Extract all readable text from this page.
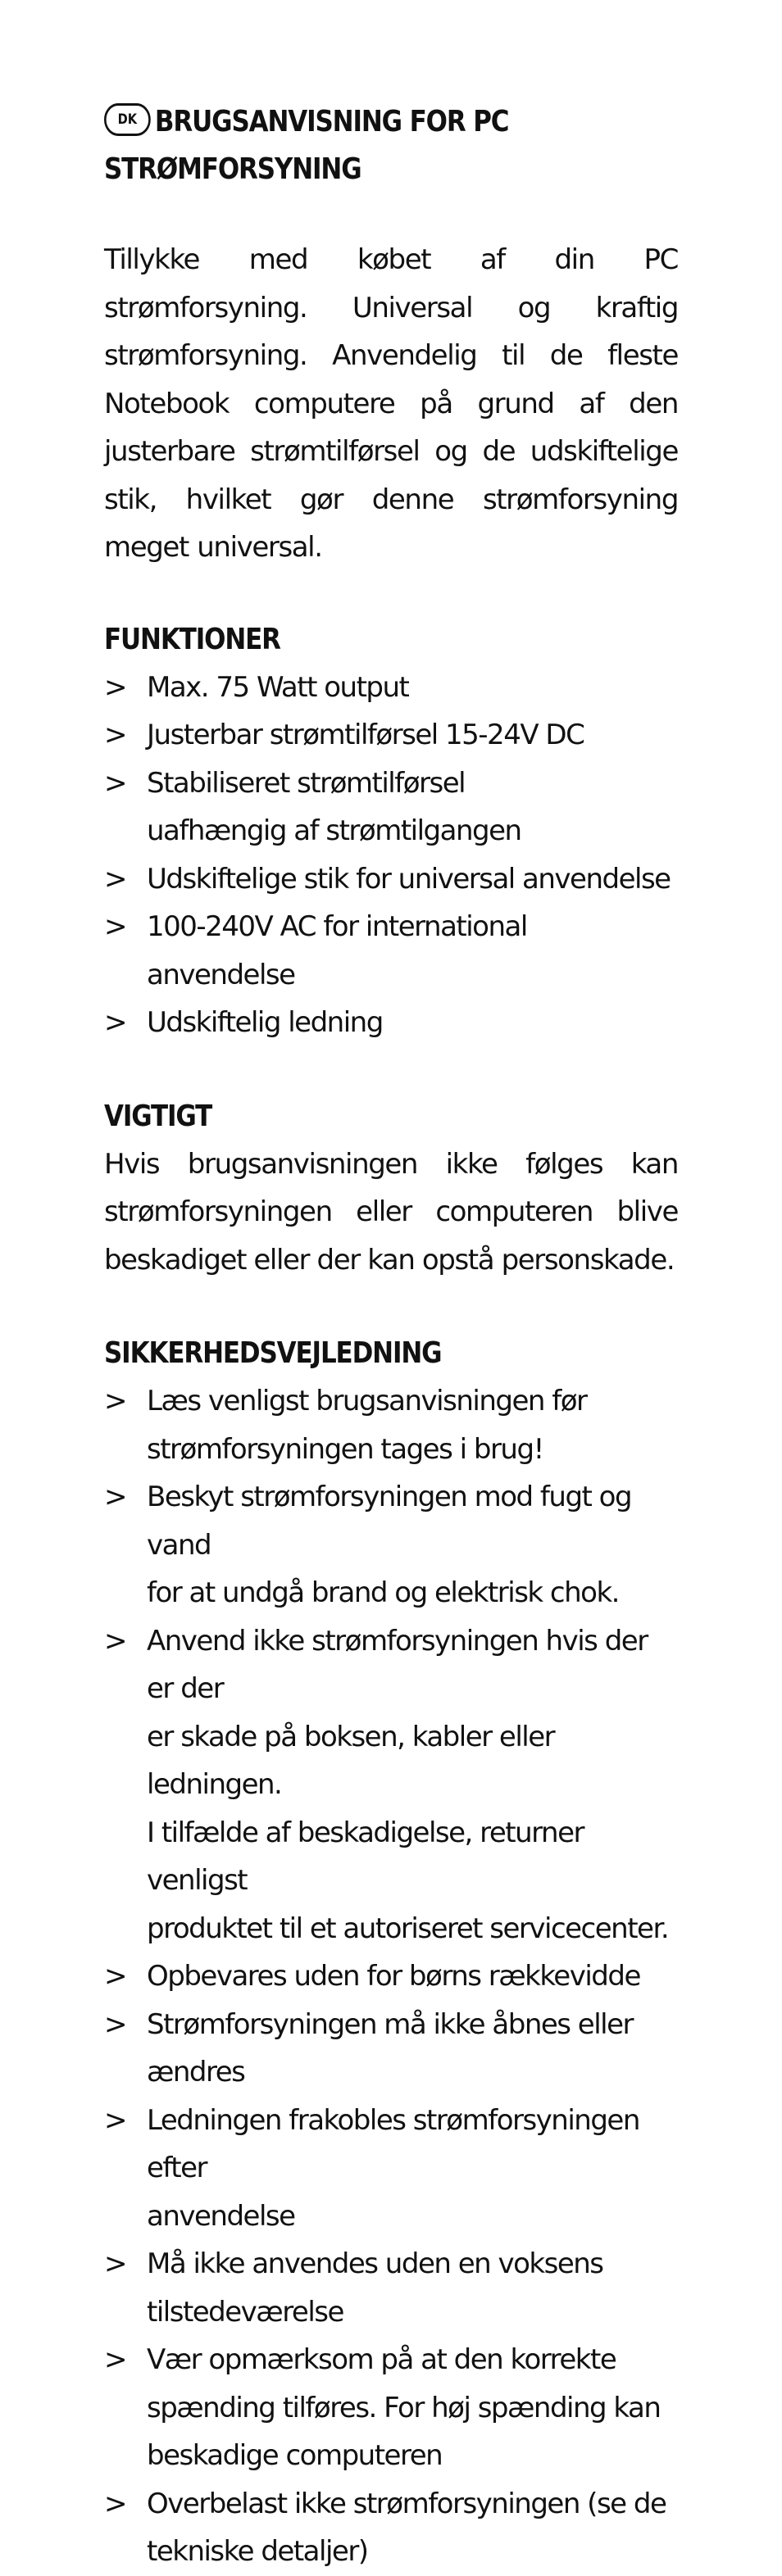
DK BRUGSANVISNING FOR PC
STRØMFORSYNING

Tillykke med købet af din PC strømforsyning. Universal og kraftig strømforsyning. Anvendelig til de fleste Notebook computere på grund af den justerbare strømtilførsel og de udskiftelige stik, hvilket gør denne strømforsyning meget universal.

FUNKTIONER
> Max. 75 Watt output
> Justerbar strømtilførsel 15-24V DC
> Stabiliseret strømtilførsel uafhængig af strømtilgangen
> Udskiftelige stik for universal anvendelse
> 100-240V AC for international anvendelse
> Udskiftelig ledning
VIGTIGT
Hvis brugsanvisningen ikke følges kan
strømforsyningen eller computeren blive
beskadiget eller der kan opstå personskade.
SIKKERHEDSVEJLEDNING
> Læs venligst brugsanvisningen før
strømforsyningen tages i brug!
> Beskyt strømforsyningen mod fugt og vand
for at undgå brand og elektrisk chok.
> Anvend ikke strømforsyningen hvis der er der
er skade på boksen, kabler eller ledningen.
I tilfælde af beskadigelse, returner venligst
produktet til et autoriseret servicecenter.
> Opbevares uden for børns rækkevidde
> Strømforsyningen må ikke åbnes eller
ændres
> Ledningen frakobles strømforsyningen efter
anvendelse
> Må ikke anvendes uden en voksens
tilstedeværelse
> Vær opmærksom på at den korrekte
spænding tilføres. For høj spænding kan
beskadige computeren
> Overbelast ikke strømforsyningen (se de
tekniske detaljer)
